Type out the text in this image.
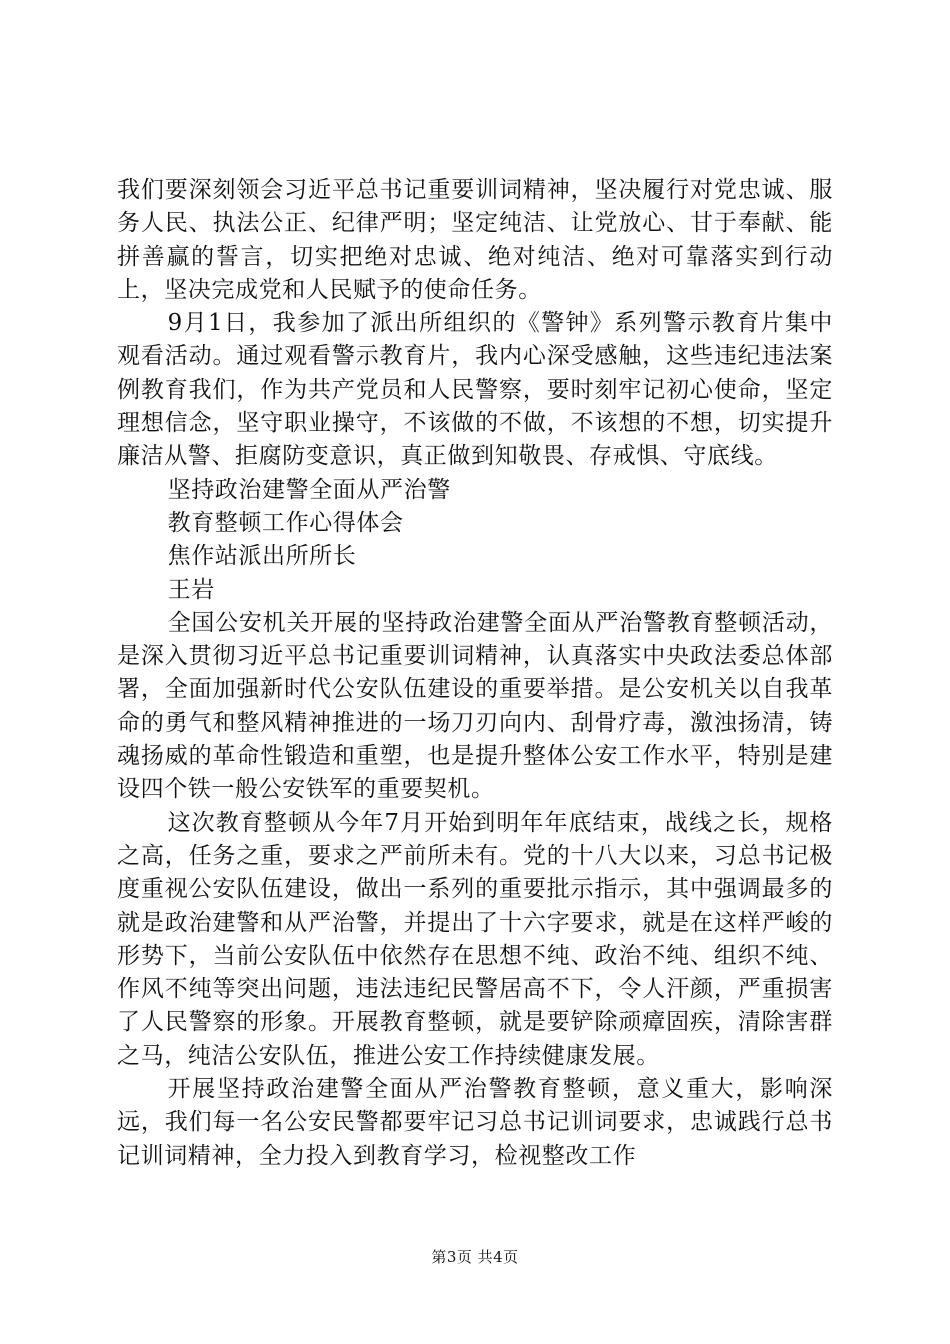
我们要深刻领会习近平总书记重要训词精神，坚决履行对党忠诚、服务人民、执法公正、纪律严明；坚定纯洁、让党放心、甘于奉献、能拼善赢的誓言，切实把绝对忠诚、绝对纯洁、绝对可靠落实到行动上，坚决完成党和人民赋予的使命任务。

9月1日，我参加了派出所组织的《警钟》系列警示教育片集中观看活动。通过观看警示教育片，我内心深受感触，这些违纪违法案例教育我们，作为共产党员和人民警察，要时刻牢记初心使命，坚定理想信念，坚守职业操守，不该做的不做，不该想的不想，切实提升廉洁从警、拒腐防变意识，真正做到知敬畏、存戒惧、守底线。

坚持政治建警全面从严治警

教育整顿工作心得体会

焦作站派出所所长

王岩

全国公安机关开展的坚持政治建警全面从严治警教育整顿活动，是深入贯彻习近平总书记重要训词精神，认真落实中央政法委总体部署，全面加强新时代公安队伍建设的重要举措。是公安机关以自我革命的勇气和整风精神推进的一场刀刃向内、刮骨疗毒，激浊扬清，铸魂扬威的革命性锻造和重塑，也是提升整体公安工作水平，特别是建设四个铁一般公安铁军的重要契机。

这次教育整顿从今年7月开始到明年年底结束，战线之长，规格之高，任务之重，要求之严前所未有。党的十八大以来，习总书记极度重视公安队伍建设，做出一系列的重要批示指示，其中强调最多的就是政治建警和从严治警，并提出了十六字要求，就是在这样严峻的形势下，当前公安队伍中依然存在思想不纯、政治不纯、组织不纯、作风不纯等突出问题，违法违纪民警居高不下，令人汗颜，严重损害了人民警察的形象。开展教育整顿，就是要铲除顽瘴固疾，清除害群之马，纯洁公安队伍，推进公安工作持续健康发展。

开展坚持政治建警全面从严治警教育整顿，意义重大，影响深远，我们每一名公安民警都要牢记习总书记训词要求，忠诚践行总书记训词精神，全力投入到教育学习，检视整改工作

第3页 共4页
